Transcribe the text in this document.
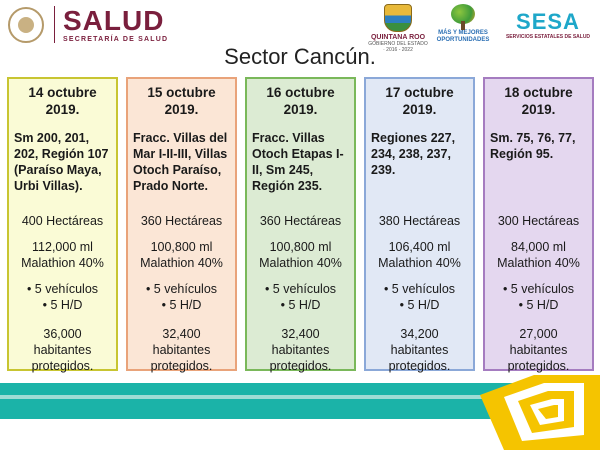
SALUD
SECRETARÍA DE SALUD	QUINTANA ROO
GOBIERNO DEL ESTADO · 2016 - 2022
MÁS Y MEJORES
OPORTUNIDADES
SESA
SERVICIOS ESTATALES DE SALUD
Sector Cancún.
14 octubre 2019.
Sm 200, 201, 202, Región 107 (Paraíso Maya, Urbi Villas).
400 Hectáreas
112,000 ml
Malathion 40%
• 5 vehículos
• 5 H/D
36,000 habitantes
protegidos.
15 octubre 2019.
Fracc. Villas del Mar I-II-III, Villas Otoch Paraíso, Prado Norte.
360 Hectáreas
100,800 ml
Malathion 40%
• 5 vehículos
• 5 H/D
32,400 habitantes
protegidos.
16 octubre 2019.
Fracc. Villas Otoch Etapas I-II, Sm 245, Región 235.
360 Hectáreas
100,800 ml
Malathion 40%
• 5 vehículos
• 5 H/D
32,400 habitantes
protegidos.
17 octubre 2019.
Regiones 227, 234, 238, 237, 239.
380 Hectáreas
106,400 ml
Malathion 40%
• 5 vehículos
• 5 H/D
34,200 habitantes
protegidos.
18 octubre 2019.
Sm. 75, 76, 77, Región 95.
300 Hectáreas
84,000 ml
Malathion 40%
• 5 vehículos
• 5 H/D
27,000 habitantes
protegidos.
